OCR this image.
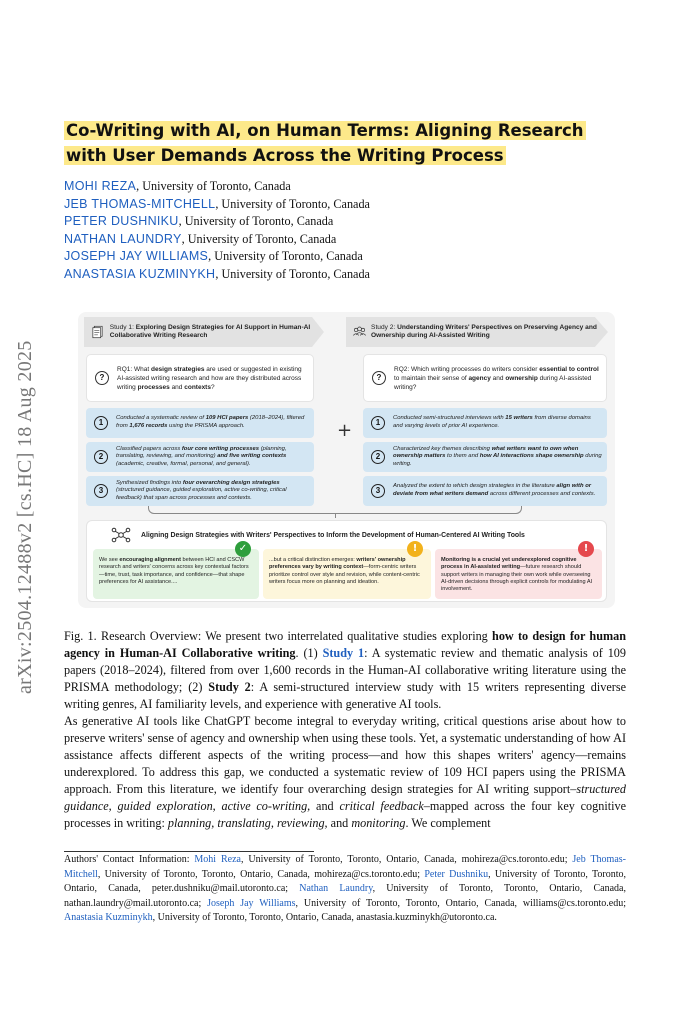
arXiv:2504.12488v2 [cs.HC] 18 Aug 2025
Co-Writing with AI, on Human Terms: Aligning Research
with User Demands Across the Writing Process
MOHI REZA, University of Toronto, Canada
JEB THOMAS-MITCHELL, University of Toronto, Canada
PETER DUSHNIKU, University of Toronto, Canada
NATHAN LAUNDRY, University of Toronto, Canada
JOSEPH JAY WILLIAMS, University of Toronto, Canada
ANASTASIA KUZMINYKH, University of Toronto, Canada
Study 1: Exploring Design Strategies for AI Support in Human-AI Collaborative Writing Research
Study 2: Understanding Writers' Perspectives on Preserving Agency and Ownership during AI-Assisted Writing
?
RQ1: What design strategies are used or suggested in existing AI-assisted writing research and how are they distributed across writing processes and contexts?
?
RQ2: Which writing processes do writers consider essential to control to maintain their sense of agency and ownership during AI-assisted writing?
1	Conducted a systematic review of 109 HCI papers (2018–2024), filtered from 1,676 records using the PRISMA approach.
2
Classified papers across four core writing processes (planning, translating, reviewing, and monitoring) and five writing contexts (academic, creative, formal, personal, and general).
3
Synthesized findings into four overarching design strategies (structured guidance, guided exploration, active co-writing, critical feedback) that span across processes and contexts.
+	1	Conducted semi-structured interviews with 15 writers from diverse domains and varying levels of prior AI experience.
2
Characterized key themes describing what writers want to own when ownership matters to them and how AI interactions shape ownership during writing.
3	Analyzed the extent to which design strategies in the literature align with or deviate from what writers demand across different processes and contexts.
Aligning Design Strategies with Writers' Perspectives to Inform the Development of Human-Centered AI Writing Tools
✓
We see encouraging alignment between HCI and CSCW research and writers' concerns across key contextual factors—time, trust, task importance, and confidence—that shape preferences for AI assistance....
!
...but a critical distinction emerges: writers' ownership preferences vary by writing context—form-centric writers prioritize control over style and revision, while content-centric writers focus more on planning and ideation.
!
Monitoring is a crucial yet underexplored cognitive process in AI-assisted writing—future research should support writers in managing their own work while overseeing AI-driven decisions through explicit controls for modulating AI involvement.
Fig. 1. Research Overview: We present two interrelated qualitative studies exploring how to design for human agency in Human-AI Collaborative writing. (1) Study 1: A systematic review and thematic analysis of 109 papers (2018–2024), filtered from over 1,600 records in the Human-AI collaborative writing literature using the PRISMA methodology; (2) Study 2: A semi-structured interview study with 15 writers representing diverse writing genres, AI familiarity levels, and experience with generative AI tools.
As generative AI tools like ChatGPT become integral to everyday writing, critical questions arise about how to preserve writers' sense of agency and ownership when using these tools. Yet, a systematic understanding of how AI assistance affects different aspects of the writing process—and how this shapes writers' agency—remains underexplored. To address this gap, we conducted a systematic review of 109 HCI papers using the PRISMA approach. From this literature, we identify four overarching design strategies for AI writing support–structured guidance, guided exploration, active co-writing, and critical feedback–mapped across the four key cognitive processes in writing: planning, translating, reviewing, and monitoring. We complement
Authors' Contact Information: Mohi Reza, University of Toronto, Toronto, Ontario, Canada, mohireza@cs.toronto.edu; Jeb Thomas-Mitchell, University of Toronto, Toronto, Ontario, Canada, mohireza@cs.toronto.edu; Peter Dushniku, University of Toronto, Toronto, Ontario, Canada, peter.dushniku@mail.utoronto.ca; Nathan Laundry, University of Toronto, Toronto, Ontario, Canada, nathan.laundry@mail.utoronto.ca; Joseph Jay Williams, University of Toronto, Toronto, Ontario, Canada, williams@cs.toronto.edu; Anastasia Kuzminykh, University of Toronto, Toronto, Ontario, Canada, anastasia.kuzminykh@utoronto.ca.
